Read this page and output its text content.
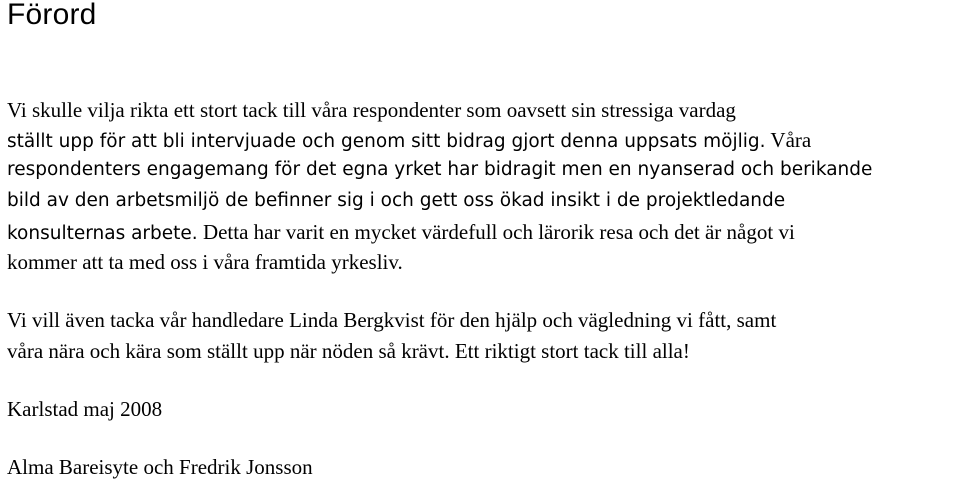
Förord
Vi skulle vilja rikta ett stort tack till våra respondenter som oavsett sin stressiga vardag
ställt upp för att bli intervjuade och genom sitt bidrag gjort denna uppsats möjlig. Våra
respondenters engagemang för det egna yrket har bidragit men en nyanserad och berikande
bild av den arbetsmiljö de befinner sig i och gett oss ökad insikt i de projektledande
konsulternas arbete. Detta har varit en mycket värdefull och lärorik resa och det är något vi
kommer att ta med oss i våra framtida yrkesliv.
Vi vill även tacka vår handledare Linda Bergkvist för den hjälp och vägledning vi fått, samt
våra nära och kära som ställt upp när nöden så krävt. Ett riktigt stort tack till alla!
Karlstad maj 2008
Alma Bareisyte och Fredrik Jonsson
